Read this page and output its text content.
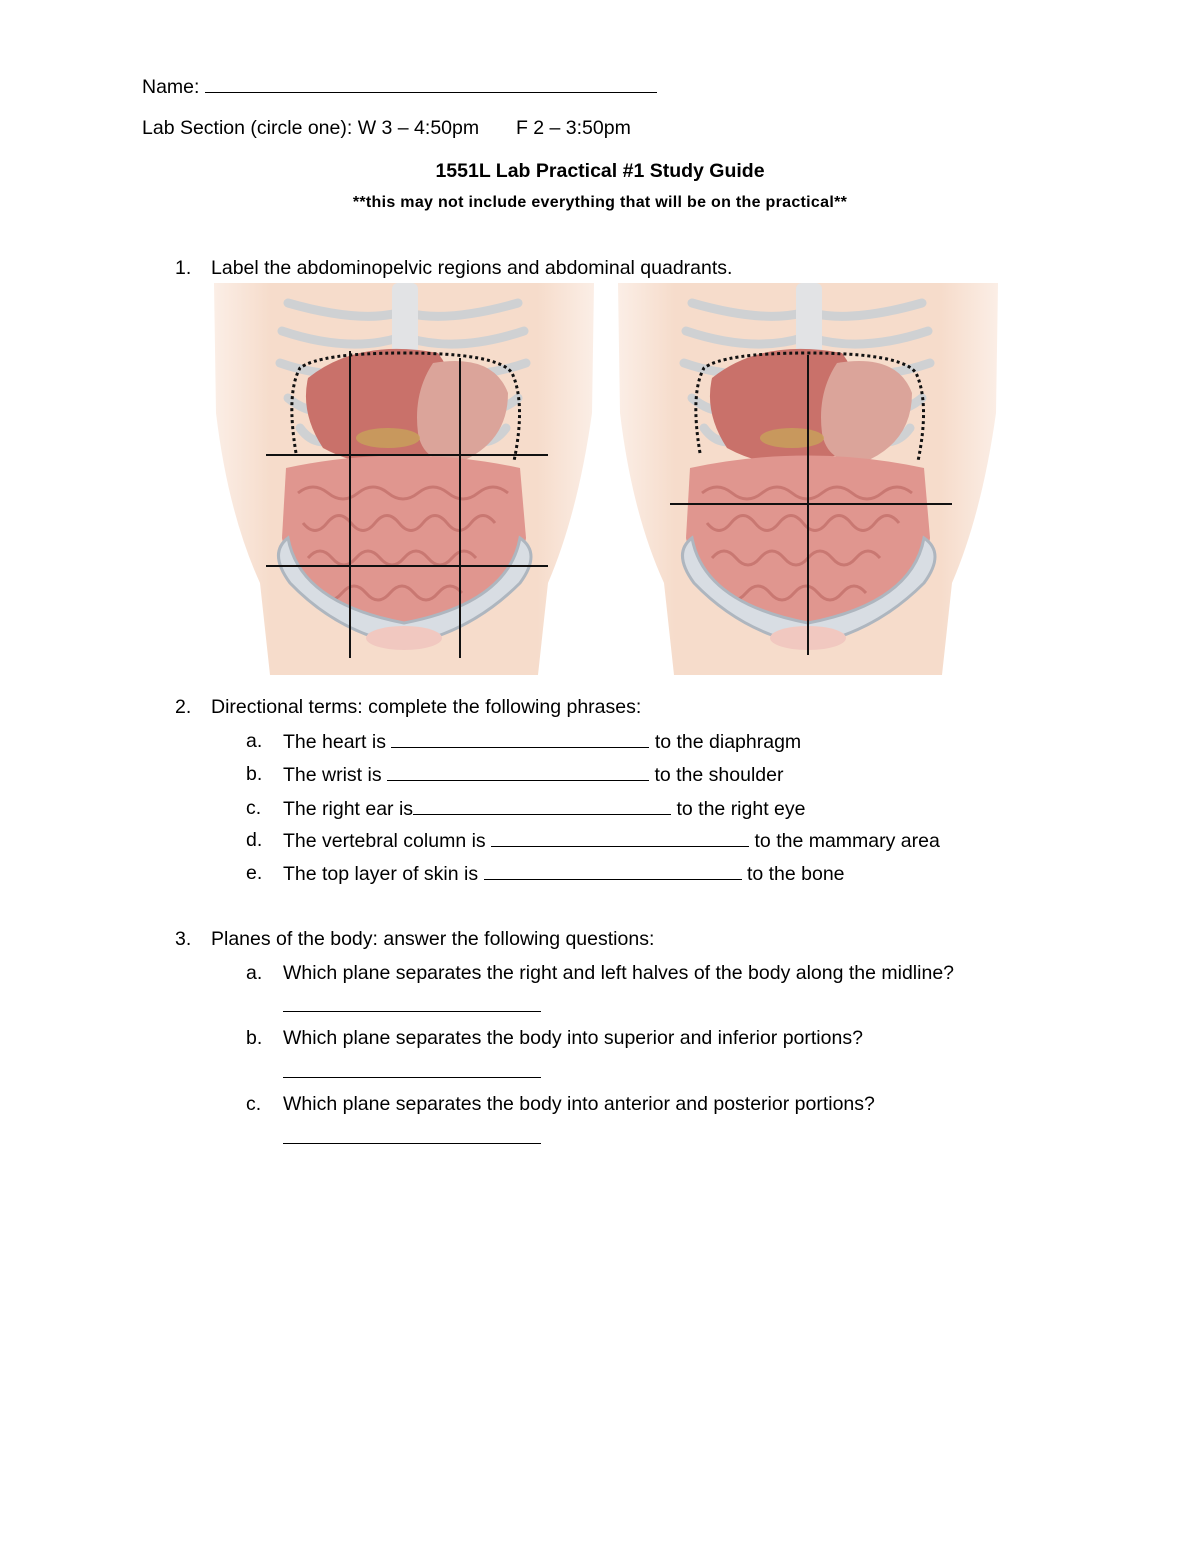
Name:
Lab Section (circle one): W 3 – 4:50pm F 2 – 3:50pm
1551L Lab Practical #1 Study Guide
**this may not include everything that will be on the practical**
1. Label the abdominopelvic regions and abdominal quadrants.
2. Directional terms: complete the following phrases:
a. The heart is	to the diaphragm
b. The wrist is	to the shoulder
c. The right ear is	to the right eye
d. The vertebral column is	to the mammary area
e. The top layer of skin is	to the bone
3. Planes of the body: answer the following questions:
a. Which plane separates the right and left halves of the body along the midline?
b. Which plane separates the body into superior and inferior portions?
c. Which plane separates the body into anterior and posterior portions?
